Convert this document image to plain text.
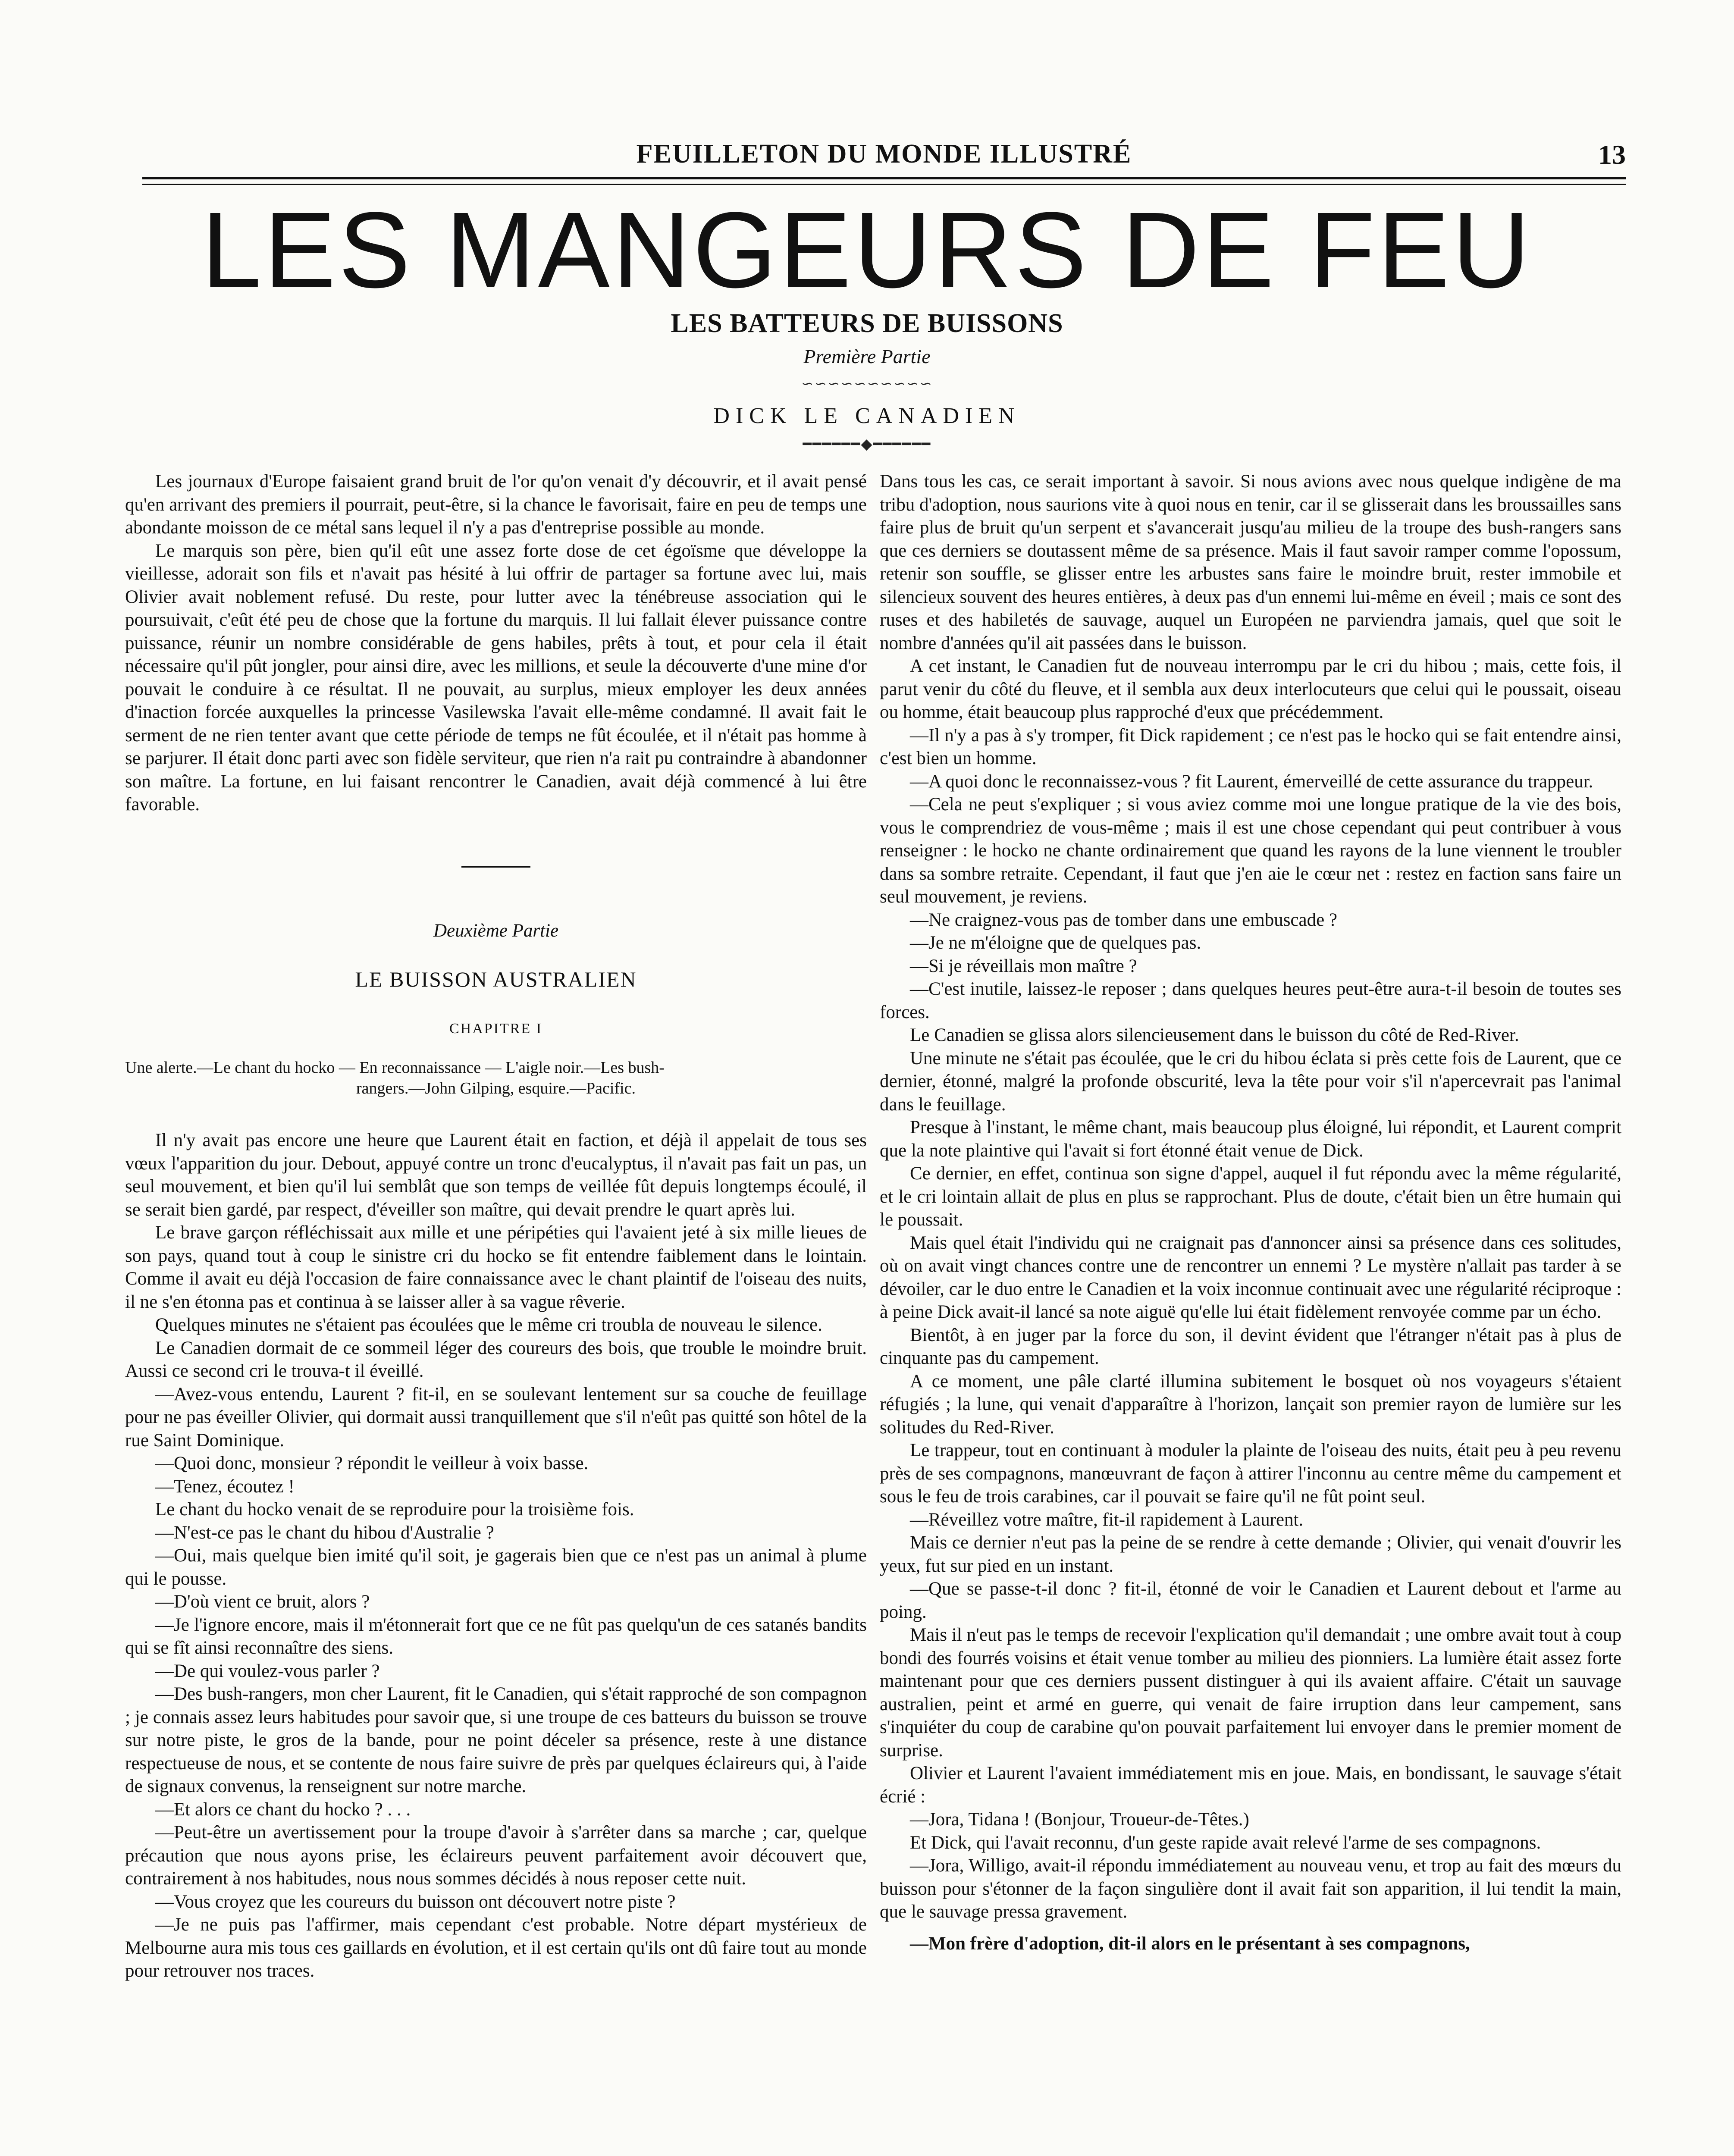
FEUILLETON DU MONDE ILLUSTRÉ	13
LES MANGEURS DE FEU
LES BATTEURS DE BUISSONS
Première Partie
∽∽∽∽∽∽∽∽∽∽
DICK LE CANADIEN
━━━━━━◆━━━━━━

Les journaux d'Europe faisaient grand bruit de l'or qu'on venait d'y découvrir, et il avait pensé qu'en arrivant des premiers il pourrait, peut-être, si la chance le favorisait, faire en peu de temps une abondante moisson de ce métal sans lequel il n'y a pas d'entreprise possible au monde.

Le marquis son père, bien qu'il eût une assez forte dose de cet égoïsme que développe la vieillesse, adorait son fils et n'avait pas hésité à lui offrir de partager sa fortune avec lui, mais Olivier avait noblement refusé. Du reste, pour lutter avec la ténébreuse association qui le poursuivait, c'eût été peu de chose que la fortune du marquis. Il lui fallait élever puissance contre puissance, réunir un nombre considérable de gens habiles, prêts à tout, et pour cela il était nécessaire qu'il pût jongler, pour ainsi dire, avec les millions, et seule la découverte d'une mine d'or pouvait le conduire à ce résultat. Il ne pouvait, au surplus, mieux employer les deux années d'inaction forcée auxquelles la princesse Vasilewska l'avait elle-même condamné. Il avait fait le serment de ne rien tenter avant que cette période de temps ne fût écoulée, et il n'était pas homme à se parjurer. Il était donc parti avec son fidèle serviteur, que rien n'a rait pu contraindre à abandonner son maître. La fortune, en lui faisant rencontrer le Canadien, avait déjà commencé à lui être favorable.

Deuxième Partie

LE BUISSON AUSTRALIEN

CHAPITRE I

Une alerte.—Le chant du hocko — En reconnaissance — L'aigle noir.—Les bush-
rangers.—John Gilping, esquire.—Pacific.

Il n'y avait pas encore une heure que Laurent était en faction, et déjà il appelait de tous ses vœux l'apparition du jour. Debout, appuyé contre un tronc d'eucalyptus, il n'avait pas fait un pas, un seul mouvement, et bien qu'il lui semblât que son temps de veillée fût depuis longtemps écoulé, il se serait bien gardé, par respect, d'éveiller son maître, qui devait prendre le quart après lui.

Le brave garçon réfléchissait aux mille et une péripéties qui l'avaient jeté à six mille lieues de son pays, quand tout à coup le sinistre cri du hocko se fit entendre faiblement dans le lointain. Comme il avait eu déjà l'occasion de faire connaissance avec le chant plaintif de l'oiseau des nuits, il ne s'en étonna pas et continua à se laisser aller à sa vague rêverie.

Quelques minutes ne s'étaient pas écoulées que le même cri troubla de nouveau le silence.

Le Canadien dormait de ce sommeil léger des coureurs des bois, que trouble le moindre bruit. Aussi ce second cri le trouva-t il éveillé.

—Avez-vous entendu, Laurent ? fit-il, en se soulevant lentement sur sa couche de feuillage pour ne pas éveiller Olivier, qui dormait aussi tranquillement que s'il n'eût pas quitté son hôtel de la rue Saint Dominique.

—Quoi donc, monsieur ? répondit le veilleur à voix basse.

—Tenez, écoutez !

Le chant du hocko venait de se reproduire pour la troisième fois.

—N'est-ce pas le chant du hibou d'Australie ?

—Oui, mais quelque bien imité qu'il soit, je gagerais bien que ce n'est pas un animal à plume qui le pousse.

—D'où vient ce bruit, alors ?

—Je l'ignore encore, mais il m'étonnerait fort que ce ne fût pas quelqu'un de ces satanés bandits qui se fît ainsi reconnaître des siens.

—De qui voulez-vous parler ?

—Des bush-rangers, mon cher Laurent, fit le Canadien, qui s'était rapproché de son compagnon ; je connais assez leurs habitudes pour savoir que, si une troupe de ces batteurs du buisson se trouve sur notre piste, le gros de la bande, pour ne point déceler sa présence, reste à une distance respectueuse de nous, et se contente de nous faire suivre de près par quelques éclaireurs qui, à l'aide de signaux convenus, la renseignent sur notre marche.

—Et alors ce chant du hocko ? . . .

—Peut-être un avertissement pour la troupe d'avoir à s'arrêter dans sa marche ; car, quelque précaution que nous ayons prise, les éclaireurs peuvent parfaitement avoir découvert que, contrairement à nos habitudes, nous nous sommes décidés à nous reposer cette nuit.

—Vous croyez que les coureurs du buisson ont découvert notre piste ?

—Je ne puis pas l'affirmer, mais cependant c'est probable. Notre départ mystérieux de Melbourne aura mis tous ces gaillards en évolution, et il est certain qu'ils ont dû faire tout au monde pour retrouver nos traces.

Dans tous les cas, ce serait important à savoir. Si nous avions avec nous quelque indigène de ma tribu d'adoption, nous saurions vite à quoi nous en tenir, car il se glisserait dans les broussailles sans faire plus de bruit qu'un serpent et s'avancerait jusqu'au milieu de la troupe des bush-rangers sans que ces derniers se doutassent même de sa présence. Mais il faut savoir ramper comme l'opossum, retenir son souffle, se glisser entre les arbustes sans faire le moindre bruit, rester immobile et silencieux souvent des heures entières, à deux pas d'un ennemi lui-même en éveil ; mais ce sont des ruses et des habiletés de sauvage, auquel un Européen ne parviendra jamais, quel que soit le nombre d'années qu'il ait passées dans le buisson.

A cet instant, le Canadien fut de nouveau interrompu par le cri du hibou ; mais, cette fois, il parut venir du côté du fleuve, et il sembla aux deux interlocuteurs que celui qui le poussait, oiseau ou homme, était beaucoup plus rapproché d'eux que précédemment.

—Il n'y a pas à s'y tromper, fit Dick rapidement ; ce n'est pas le hocko qui se fait entendre ainsi, c'est bien un homme.

—A quoi donc le reconnaissez-vous ? fit Laurent, émerveillé de cette assurance du trappeur.

—Cela ne peut s'expliquer ; si vous aviez comme moi une longue pratique de la vie des bois, vous le comprendriez de vous-même ; mais il est une chose cependant qui peut contribuer à vous renseigner : le hocko ne chante ordinairement que quand les rayons de la lune viennent le troubler dans sa sombre retraite. Cependant, il faut que j'en aie le cœur net : restez en faction sans faire un seul mouvement, je reviens.

—Ne craignez-vous pas de tomber dans une embuscade ?

—Je ne m'éloigne que de quelques pas.

—Si je réveillais mon maître ?

—C'est inutile, laissez-le reposer ; dans quelques heures peut-être aura-t-il besoin de toutes ses forces.

Le Canadien se glissa alors silencieusement dans le buisson du côté de Red-River.

Une minute ne s'était pas écoulée, que le cri du hibou éclata si près cette fois de Laurent, que ce dernier, étonné, malgré la profonde obscurité, leva la tête pour voir s'il n'apercevrait pas l'animal dans le feuillage.

Presque à l'instant, le même chant, mais beaucoup plus éloigné, lui répondit, et Laurent comprit que la note plaintive qui l'avait si fort étonné était venue de Dick.

Ce dernier, en effet, continua son signe d'appel, auquel il fut répondu avec la même régularité, et le cri lointain allait de plus en plus se rapprochant. Plus de doute, c'était bien un être humain qui le poussait.

Mais quel était l'individu qui ne craignait pas d'annoncer ainsi sa présence dans ces solitudes, où on avait vingt chances contre une de rencontrer un ennemi ? Le mystère n'allait pas tarder à se dévoiler, car le duo entre le Canadien et la voix inconnue continuait avec une régularité réciproque : à peine Dick avait-il lancé sa note aiguë qu'elle lui était fidèlement renvoyée comme par un écho.

Bientôt, à en juger par la force du son, il devint évident que l'étranger n'était pas à plus de cinquante pas du campement.

A ce moment, une pâle clarté illumina subitement le bosquet où nos voyageurs s'étaient réfugiés ; la lune, qui venait d'apparaître à l'horizon, lançait son premier rayon de lumière sur les solitudes du Red-River.

Le trappeur, tout en continuant à moduler la plainte de l'oiseau des nuits, était peu à peu revenu près de ses compagnons, manœuvrant de façon à attirer l'inconnu au centre même du campement et sous le feu de trois carabines, car il pouvait se faire qu'il ne fût point seul.

—Réveillez votre maître, fit-il rapidement à Laurent.

Mais ce dernier n'eut pas la peine de se rendre à cette demande ; Olivier, qui venait d'ouvrir les yeux, fut sur pied en un instant.

—Que se passe-t-il donc ? fit-il, étonné de voir le Canadien et Laurent debout et l'arme au poing.

Mais il n'eut pas le temps de recevoir l'explication qu'il demandait ; une ombre avait tout à coup bondi des fourrés voisins et était venue tomber au milieu des pionniers. La lumière était assez forte maintenant pour que ces derniers pussent distinguer à qui ils avaient affaire. C'était un sauvage australien, peint et armé en guerre, qui venait de faire irruption dans leur campement, sans s'inquiéter du coup de carabine qu'on pouvait parfaitement lui envoyer dans le premier moment de surprise.

Olivier et Laurent l'avaient immédiatement mis en joue. Mais, en bondissant, le sauvage s'était écrié :

—Jora, Tidana ! (Bonjour, Troueur-de-Têtes.)

Et Dick, qui l'avait reconnu, d'un geste rapide avait relevé l'arme de ses compagnons.

—Jora, Willigo, avait-il répondu immédiatement au nouveau venu, et trop au fait des mœurs du buisson pour s'étonner de la façon singulière dont il avait fait son apparition, il lui tendit la main, que le sauvage pressa gravement.

—Mon frère d'adoption, dit-il alors en le présentant à ses compagnons,
